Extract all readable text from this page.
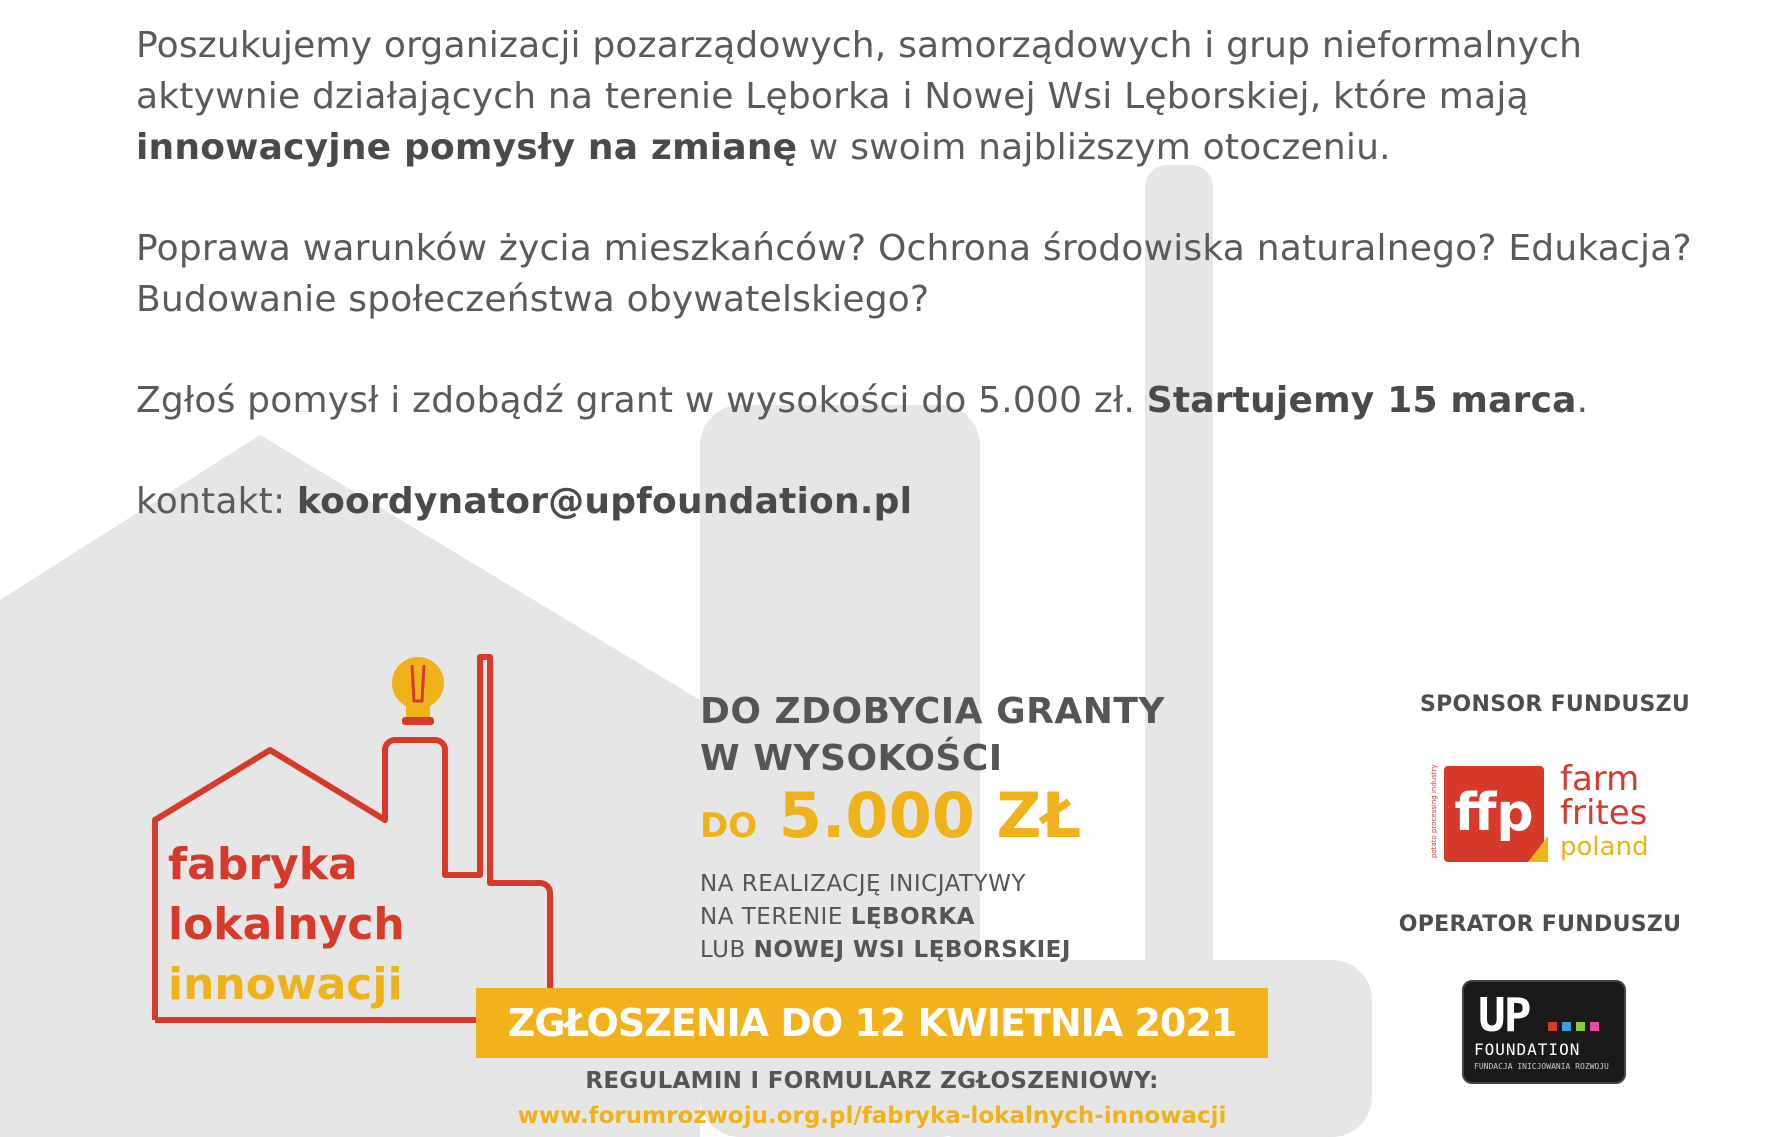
Poszukujemy organizacji pozarządowych, samorządowych i grup nieformalnych aktywnie działających na terenie Lęborka i Nowej Wsi Lęborskiej, które mają innowacyjne pomysły na zmianę w swoim najbliższym otoczeniu.

Poprawa warunków życia mieszkańców? Ochrona środowiska naturalnego? Edukacja? Budowanie społeczeństwa obywatelskiego?

Zgłoś pomysł i zdobądź grant w wysokości do 5.000 zł. Startujemy 15 marca.

kontakt: koordynator@upfoundation.pl

fabryka
lokalnych
innowacji
DO ZDOBYCIA GRANTY
W WYSOKOŚCI
DO 5.000 ZŁ
NA REALIZACJĘ INICJATYWY
NA TERENIE LĘBORKA
LUB NOWEJ WSI LĘBORSKIEJ
ZGŁOSZENIA DO 12 KWIETNIA 2021
REGULAMIN I FORMULARZ ZGŁOSZENIOWY:
www.forumrozwoju.org.pl/fabryka-lokalnych-innowacji
SPONSOR FUNDUSZU
ffp
potato processing industry	farm
frites
poland
OPERATOR FUNDUSZU
UP
FOUNDATION
FUNDACJA INICJOWANIA ROZWOJU
